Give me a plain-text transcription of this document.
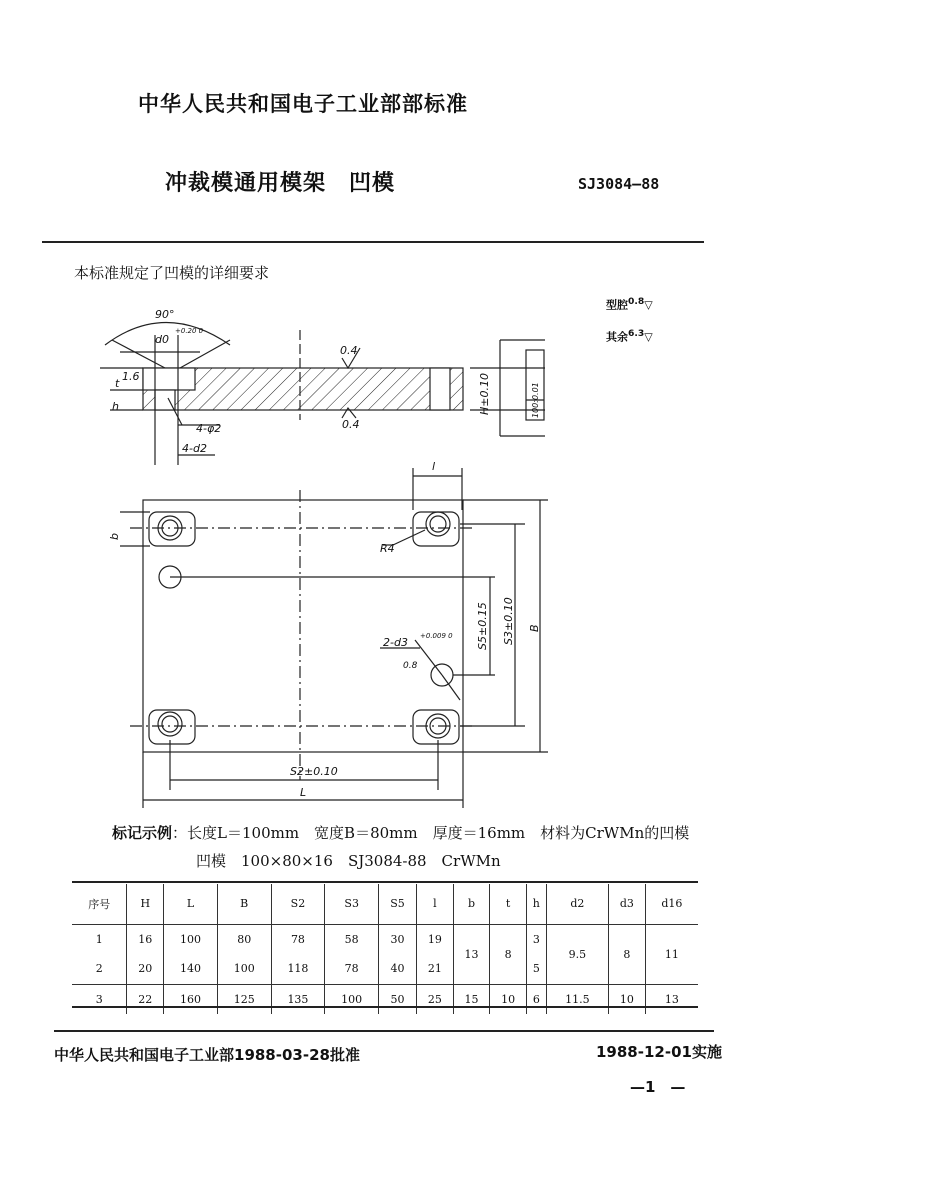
中华人民共和国电子工业部部标准
冲裁模通用模架　凹模	SJ3084—88
本标准规定了凹模的详细要求
型腔$^{0.8}$▽
其余$^{6.3}$▽
90°
d0
+0.20 0
1.6
t
h
4-φ2
4-d2
0.4
0.4
H±0.10	100:0.01
l
b
R4
S5±0.15 S3±0.10 B
2-d3 +0.009 0
0.8
S2±0.10
L
标记示例：长度L＝100mm　宽度B＝80mm　厚度＝16mm　材料为CrWMn的凹模
凹模　100×80×16　SJ3084-88　CrWMn
序号	H	L	B	S2	S3	S5	l	b	t	h	d2	d3	d16
1	16	100	80	78	58	30	19	13	8	3	9.5	8	11
2	20	140	100	118	78	40	21			5			
3	22	160	125	135	100	50	25	15	10	6	11.5	10	13
中华人民共和国电子工业部1988-03-28批准	1988-12-01实施
—1　—
